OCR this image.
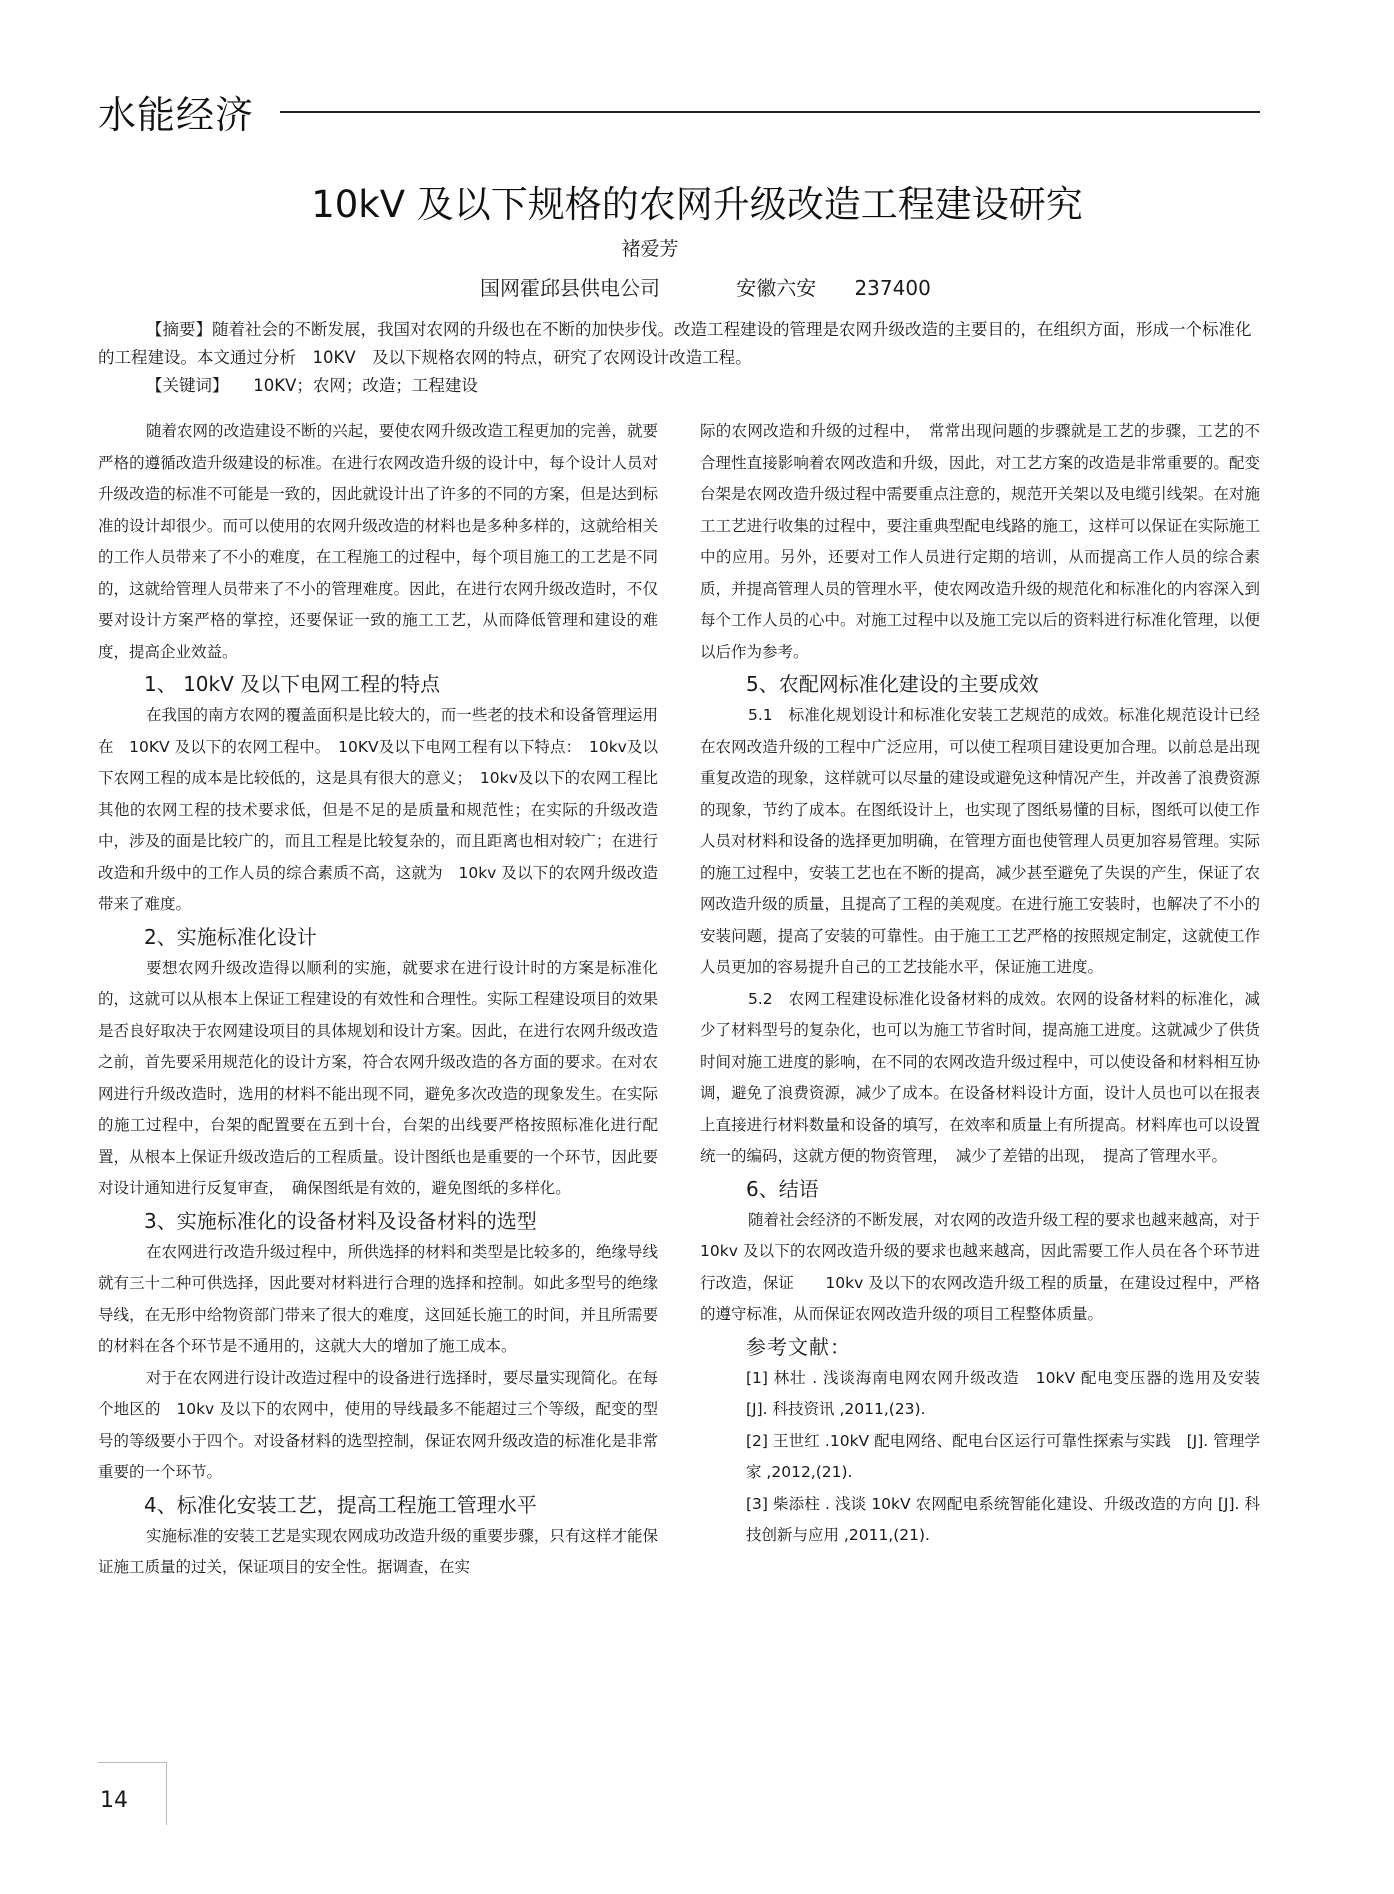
水能经济
10kV 及以下规格的农网升级改造工程建设研究
褚爱芳
国网霍邱县供电公司	安徽六安 237400

【摘要】随着社会的不断发展，我国对农网的升级也在不断的加快步伐。改造工程建设的管理是农网升级改造的主要目的，在组织方面，形成一个标准化的工程建设。本文通过分析　10KV　及以下规格农网的特点，研究了农网设计改造工程。

【关键词】　　 10KV；农网；改造；工程建设

随着农网的改造建设不断的兴起，要使农网升级改造工程更加的完善，就要严格的遵循改造升级建设的标准。在进行农网改造升级的设计中，每个设计人员对升级改造的标准不可能是一致的，因此就设计出了许多的不同的方案，但是达到标准的设计却很少。而可以使用的农网升级改造的材料也是多种多样的，这就给相关的工作人员带来了不小的难度，在工程施工的过程中，每个项目施工的工艺是不同的，这就给管理人员带来了不小的管理难度。因此，在进行农网升级改造时，不仅要对设计方案严格的掌控，还要保证一致的施工工艺，从而降低管理和建设的难度，提高企业效益。

1、 10kV 及以下电网工程的特点

在我国的南方农网的覆盖面积是比较大的，而一些老的技术和设备管理运用在　10KV 及以下的农网工程中。　10KV及以下电网工程有以下特点：　10kv及以下农网工程的成本是比较低的，这是具有很大的意义；　10kv及以下的农网工程比其他的农网工程的技术要求低，但是不足的是质量和规范性；在实际的升级改造中，涉及的面是比较广的，而且工程是比较复杂的，而且距离也相对较广；在进行改造和升级中的工作人员的综合素质不高，这就为　10kv 及以下的农网升级改造带来了难度。

2、实施标准化设计

要想农网升级改造得以顺利的实施，就要求在进行设计时的方案是标准化的，这就可以从根本上保证工程建设的有效性和合理性。实际工程建设项目的效果是否良好取决于农网建设项目的具体规划和设计方案。因此，在进行农网升级改造之前，首先要采用规范化的设计方案，符合农网升级改造的各方面的要求。在对农网进行升级改造时，选用的材料不能出现不同，避免多次改造的现象发生。在实际的施工过程中，台架的配置要在五到十台，台架的出线要严格按照标准化进行配置，从根本上保证升级改造后的工程质量。设计图纸也是重要的一个环节，因此要对设计通知进行反复审查，　确保图纸是有效的，避免图纸的多样化。

3、实施标准化的设备材料及设备材料的选型

在农网进行改造升级过程中，所供选择的材料和类型是比较多的，绝缘导线就有三十二种可供选择，因此要对材料进行合理的选择和控制。如此多型号的绝缘导线，在无形中给物资部门带来了很大的难度，这回延长施工的时间，并且所需要的材料在各个环节是不通用的，这就大大的增加了施工成本。

对于在农网进行设计改造过程中的设备进行选择时，要尽量实现简化。在每个地区的　10kv 及以下的农网中，使用的导线最多不能超过三个等级，配变的型号的等级要小于四个。对设备材料的选型控制，保证农网升级改造的标准化是非常重要的一个环节。

4、标准化安装工艺，提高工程施工管理水平

实施标准的安装工艺是实现农网成功改造升级的重要步骤，只有这样才能保证施工质量的过关，保证项目的安全性。据调查，在实

际的农网改造和升级的过程中，　常常出现问题的步骤就是工艺的步骤，工艺的不合理性直接影响着农网改造和升级，因此，对工艺方案的改造是非常重要的。配变台架是农网改造升级过程中需要重点注意的，规范开关架以及电缆引线架。在对施工工艺进行收集的过程中，要注重典型配电线路的施工，这样可以保证在实际施工中的应用。另外，还要对工作人员进行定期的培训，从而提高工作人员的综合素质，并提高管理人员的管理水平，使农网改造升级的规范化和标准化的内容深入到每个工作人员的心中。对施工过程中以及施工完以后的资料进行标准化管理，以便以后作为参考。

5、农配网标准化建设的主要成效

5.1　标准化规划设计和标准化安装工艺规范的成效。标准化规范设计已经在农网改造升级的工程中广泛应用，可以使工程项目建设更加合理。以前总是出现重复改造的现象，这样就可以尽量的建设或避免这种情况产生，并改善了浪费资源的现象，节约了成本。在图纸设计上，也实现了图纸易懂的目标，图纸可以使工作人员对材料和设备的选择更加明确，在管理方面也使管理人员更加容易管理。实际的施工过程中，安装工艺也在不断的提高，减少甚至避免了失误的产生，保证了农网改造升级的质量，且提高了工程的美观度。在进行施工安装时，也解决了不小的安装问题，提高了安装的可靠性。由于施工工艺严格的按照规定制定，这就使工作人员更加的容易提升自己的工艺技能水平，保证施工进度。

5.2　农网工程建设标准化设备材料的成效。农网的设备材料的标准化，减少了材料型号的复杂化，也可以为施工节省时间，提高施工进度。这就减少了供货时间对施工进度的影响，在不同的农网改造升级过程中，可以使设备和材料相互协调，避免了浪费资源，减少了成本。在设备材料设计方面，设计人员也可以在报表上直接进行材料数量和设备的填写，在效率和质量上有所提高。材料库也可以设置统一的编码，这就方便的物资管理，　减少了差错的出现，　提高了管理水平。

6、结语

随着社会经济的不断发展，对农网的改造升级工程的要求也越来越高，对于　10kv 及以下的农网改造升级的要求也越来越高，因此需要工作人员在各个环节进行改造，保证　　10kv 及以下的农网改造升级工程的质量，在建设过程中，严格的遵守标准，从而保证农网改造升级的项目工程整体质量。

参考文献：

[1] 林壮 . 浅谈海南电网农网升级改造　10kV 配电变压器的选用及安装 [J]. 科技资讯 ,2011,(23).

[2] 王世红 .10kV 配电网络、配电台区运行可靠性探索与实践　[J]. 管理学家 ,2012,(21).

[3] 柴添柱 . 浅谈 10kV 农网配电系统智能化建设、升级改造的方向 [J]. 科技创新与应用 ,2011,(21).

14
